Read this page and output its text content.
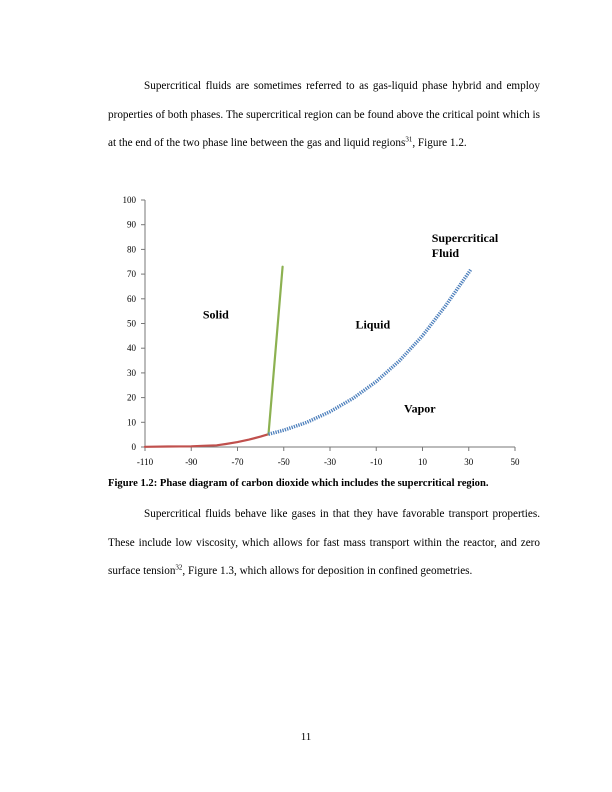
Supercritical fluids are sometimes referred to as gas-liquid phase hybrid and employ properties of both phases. The supercritical region can be found above the critical point which is at the end of the two phase line between the gas and liquid regions$^{31}$, Figure 1.2.

0
10
20
30
40
50
60
70
80
90
100
-110	-90	-70	-50	-30	-10	10	30	50
Solid
Liquid
Vapor
Supercritical
Fluid

Figure 1.2: Phase diagram of carbon dioxide which includes the supercritical region.

Supercritical fluids behave like gases in that they have favorable transport properties. These include low viscosity, which allows for fast mass transport within the reactor, and zero surface tension$^{32}$, Figure 1.3, which allows for deposition in confined geometries.

11
